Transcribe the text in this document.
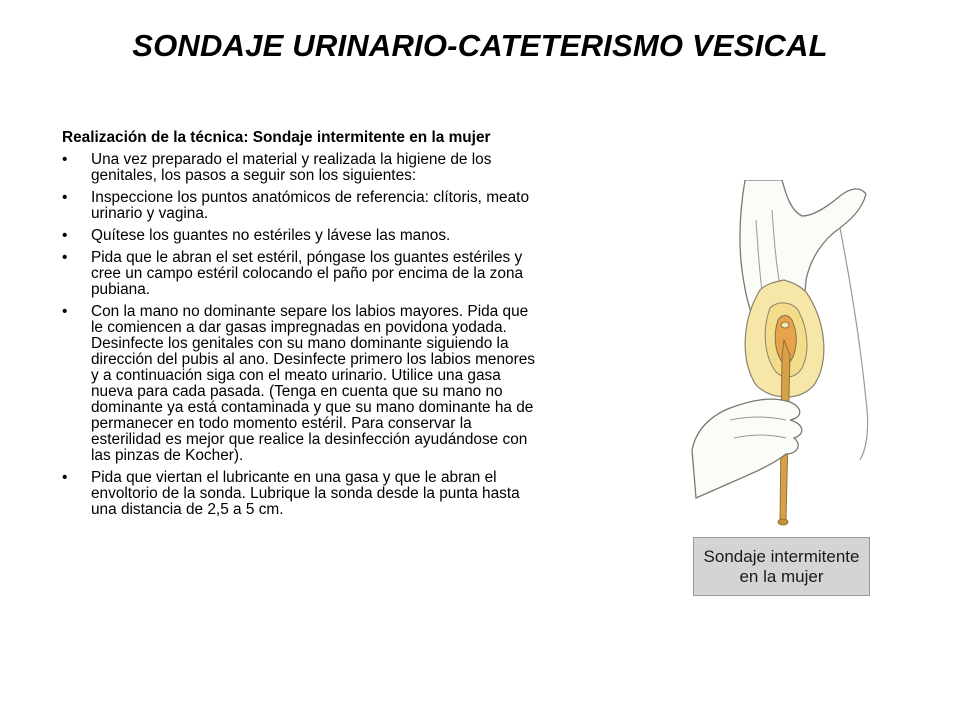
SONDAJE URINARIO-CATETERISMO VESICAL
Realización de la técnica: Sondaje intermitente en la mujer
• Una vez preparado el material y realizada la higiene de los genitales, los pasos a seguir son los siguientes:
• Inspeccione los puntos anatómicos de referencia: clítoris, meato urinario y vagina.
• Quítese los guantes no estériles y lávese las manos.
• Pida que le abran el set estéril, póngase los guantes estériles y cree un campo estéril colocando el paño por encima de la zona pubiana.
• Con la mano no dominante separe los labios mayores. Pida que le comiencen a dar gasas impregnadas en povidona yodada. Desinfecte los genitales con su mano dominante siguiendo la dirección del pubis al ano. Desinfecte primero los labios menores y a continuación siga con el meato urinario. Utilice una gasa nueva para cada pasada. (Tenga en cuenta que su mano no dominante ya está contaminada y que su mano dominante ha de permanecer en todo momento estéril. Para conservar la esterilidad es mejor que realice la desinfección ayudándose con las pinzas de Kocher).
• Pida que viertan el lubricante en una gasa y que le abran el envoltorio de la sonda. Lubrique la sonda desde la punta hasta una distancia de 2,5 a 5 cm.
Sondaje intermitente
en la mujer
